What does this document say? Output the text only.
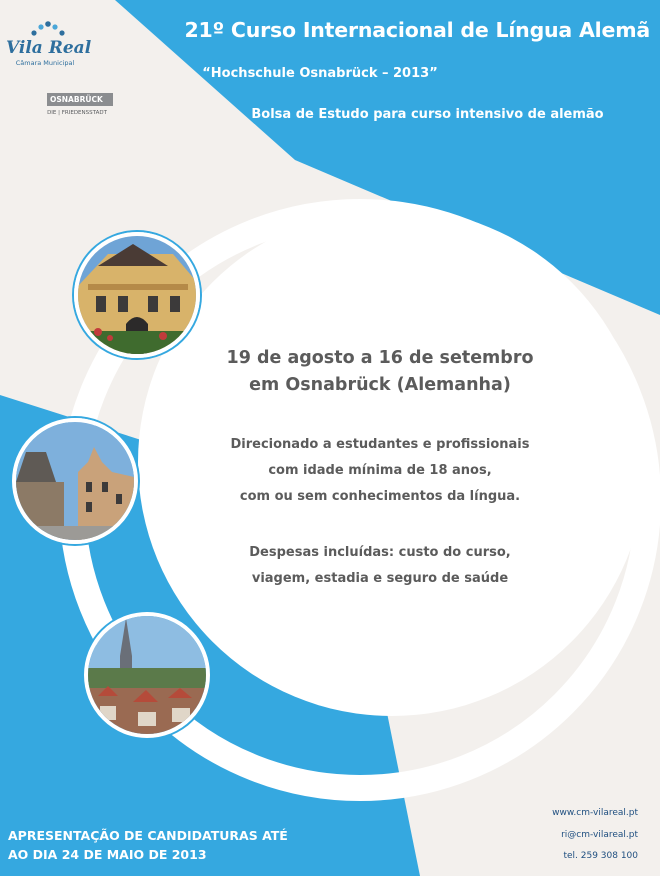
Vila Real
Câmara Municipal
OSNABRÜCK
DIE | FRIEDENSSTADT
21º Curso Internacional de Língua Alemã
“Hochschule Osnabrück – 2013”
Bolsa de Estudo para curso intensivo de alemão
19 de agosto a 16 de setembro
em Osnabrück (Alemanha)
Direcionado a estudantes e profissionais
com idade mínima de 18 anos,
com ou sem conhecimentos da língua.
Despesas incluídas: custo do curso,
viagem, estadia e seguro de saúde
APRESENTAÇÃO DE CANDIDATURAS ATÉ
AO DIA 24 DE MAIO DE 2013
www.cm-vilareal.pt
ri@cm-vilareal.pt
tel. 259 308 100
